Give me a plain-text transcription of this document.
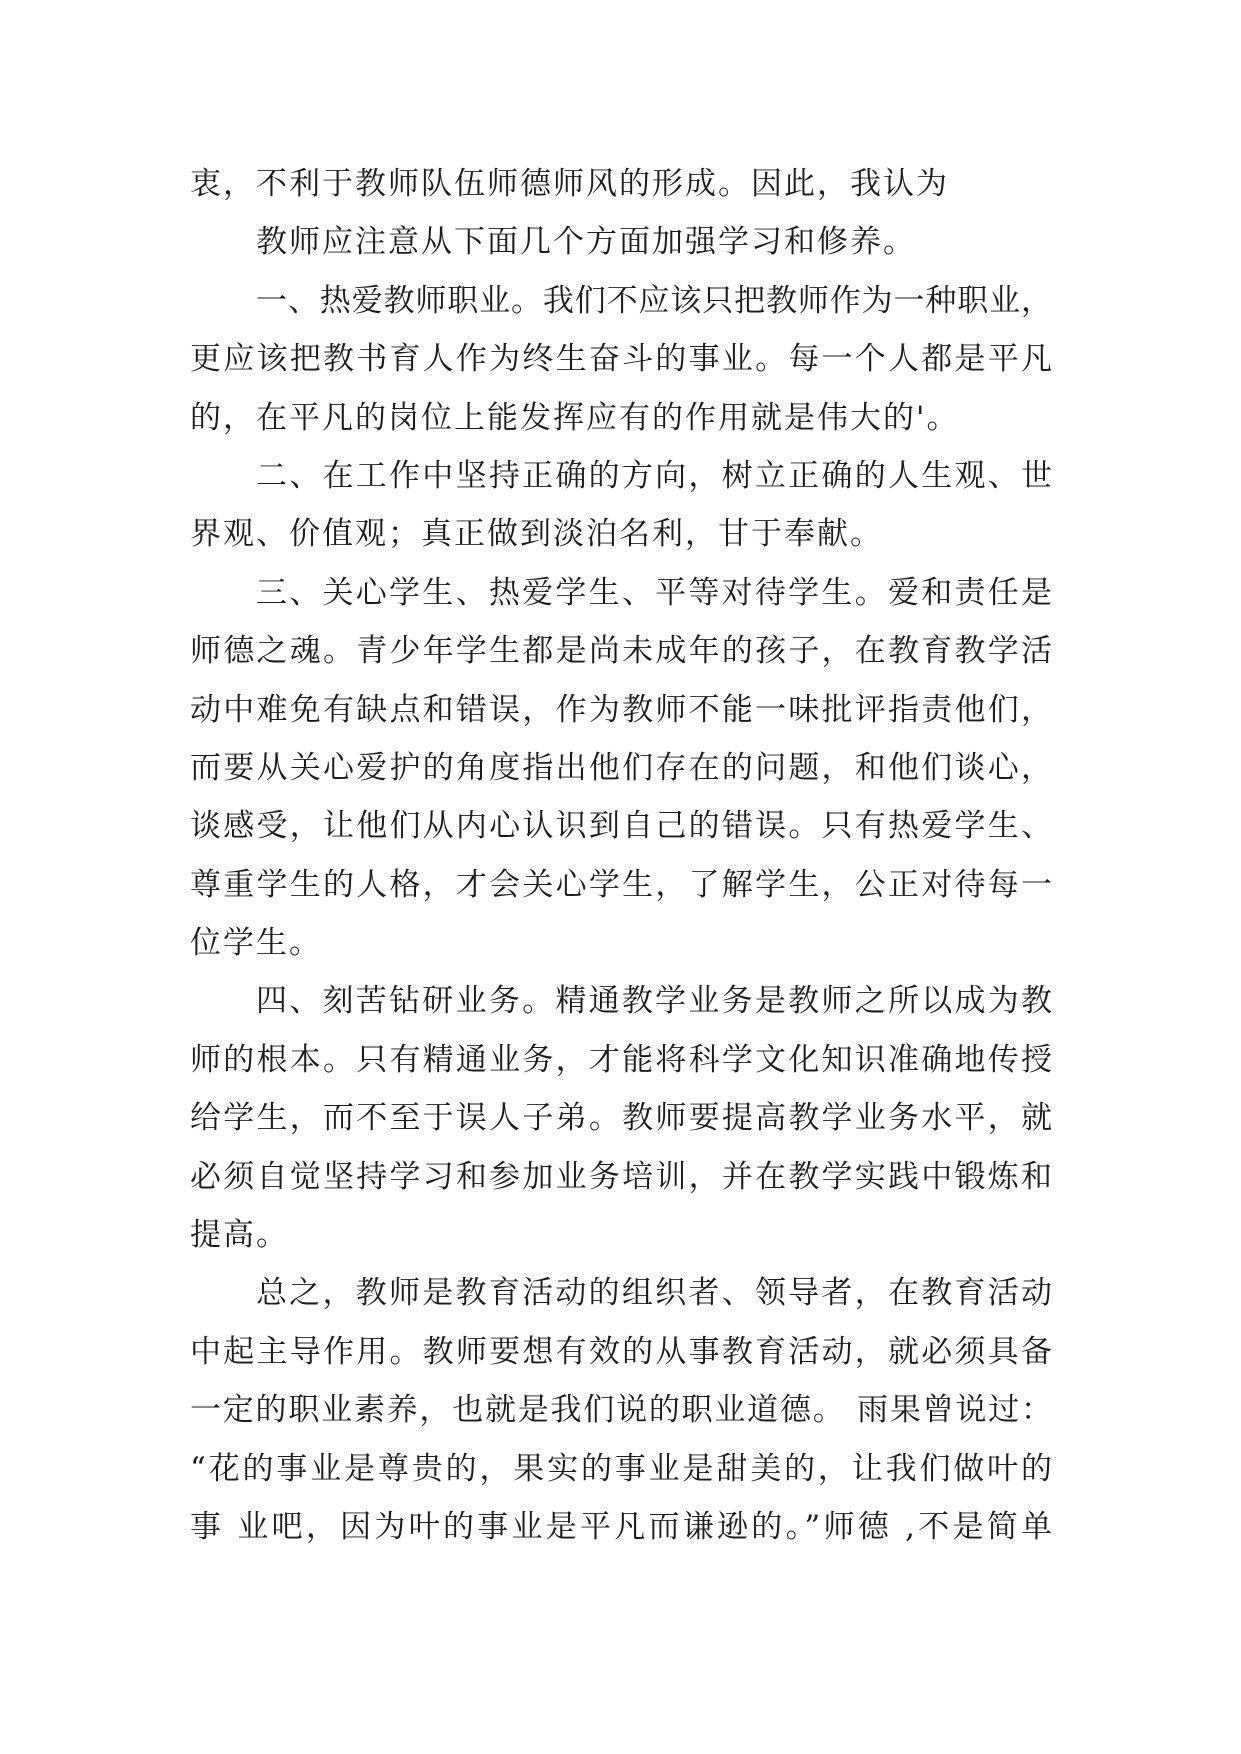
衷，不利于教师队伍师德师风的形成。因此，我认为
教师应注意从下面几个方面加强学习和修养。
一、热爱教师职业。我们不应该只把教师作为一种职业，
更应该把教书育人作为终生奋斗的事业。每一个人都是平凡
的，在平凡的岗位上能发挥应有的作用就是伟大的'。
二、在工作中坚持正确的方向，树立正确的人生观、世
界观、价值观；真正做到淡泊名利，甘于奉献。
三、关心学生、热爱学生、平等对待学生。爱和责任是
师德之魂。青少年学生都是尚未成年的孩子，在教育教学活
动中难免有缺点和错误，作为教师不能一味批评指责他们，
而要从关心爱护的角度指出他们存在的问题，和他们谈心，
谈感受，让他们从内心认识到自己的错误。只有热爱学生、
尊重学生的人格，才会关心学生，了解学生，公正对待每一
位学生。
四、刻苦钻研业务。精通教学业务是教师之所以成为教
师的根本。只有精通业务，才能将科学文化知识准确地传授
给学生，而不至于误人子弟。教师要提高教学业务水平，就
必须自觉坚持学习和参加业务培训，并在教学实践中锻炼和
提高。
总之，教师是教育活动的组织者、领导者，在教育活动
中起主导作用。教师要想有效的从事教育活动，就必须具备
一定的职业素养，也就是我们说的职业道德。 雨果曾说过：
“花的事业是尊贵的，果实的事业是甜美的，让我们做叶的
事 业吧，因为叶的事业是平凡而谦逊的。”师德 ,不是简单
